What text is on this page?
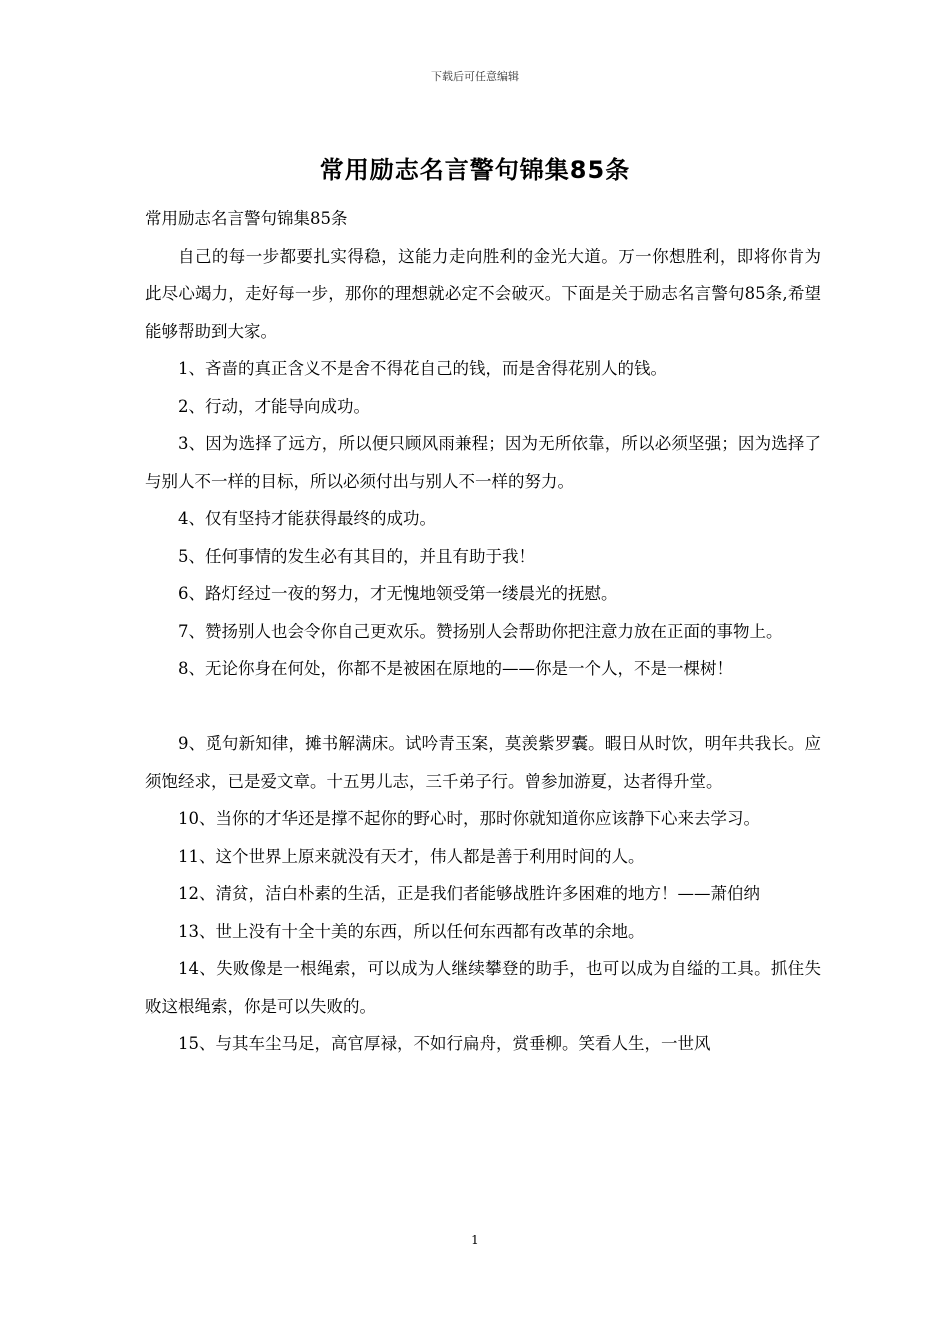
下载后可任意编辑
常用励志名言警句锦集85条

常用励志名言警句锦集85条

自己的每一步都要扎实得稳，这能力走向胜利的金光大道。万一你想胜利，即将你肯为此尽心竭力，走好每一步，那你的理想就必定不会破灭。下面是关于励志名言警句85条,希望能够帮助到大家。

1、吝啬的真正含义不是舍不得花自己的钱，而是舍得花别人的钱。

2、行动，才能导向成功。

3、因为选择了远方，所以便只顾风雨兼程；因为无所依靠，所以必须坚强；因为选择了与别人不一样的目标，所以必须付出与别人不一样的努力。

4、仅有坚持才能获得最终的成功。

5、任何事情的发生必有其目的，并且有助于我！

6、路灯经过一夜的努力，才无愧地领受第一缕晨光的抚慰。

7、赞扬别人也会令你自己更欢乐。赞扬别人会帮助你把注意力放在正面的事物上。

8、无论你身在何处，你都不是被困在原地的——你是一个人，不是一棵树！

9、觅句新知律，摊书解满床。试吟青玉案，莫羡紫罗囊。暇日从时饮，明年共我长。应须饱经求，已是爱文章。十五男儿志，三千弟子行。曾参加游夏，达者得升堂。

10、当你的才华还是撑不起你的野心时，那时你就知道你应该静下心来去学习。

11、这个世界上原来就没有天才，伟人都是善于利用时间的人。

12、清贫，洁白朴素的生活，正是我们者能够战胜许多困难的地方！——萧伯纳

13、世上没有十全十美的东西，所以任何东西都有改革的余地。

14、失败像是一根绳索，可以成为人继续攀登的助手，也可以成为自缢的工具。抓住失败这根绳索，你是可以失败的。

15、与其车尘马足，高官厚禄，不如行扁舟，赏垂柳。笑看人生，一世风

1
